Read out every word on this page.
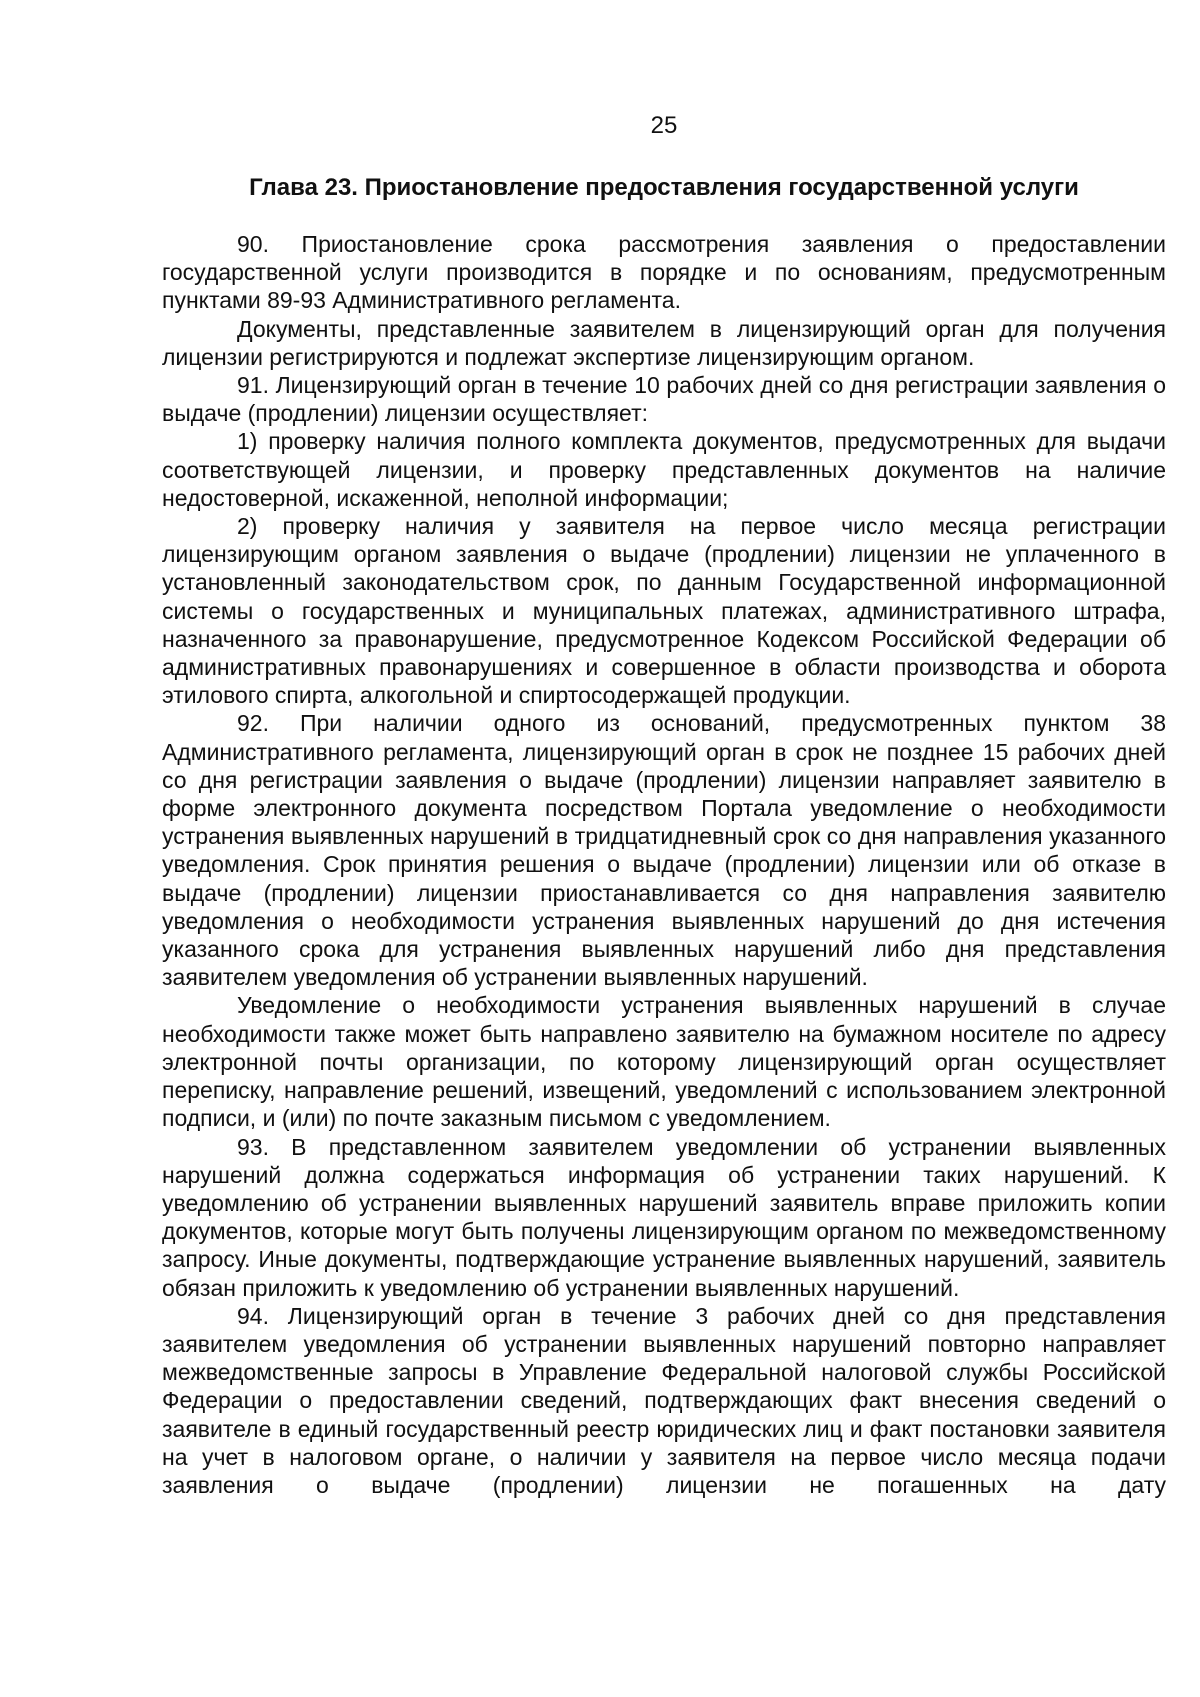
25
Глава 23. Приостановление предоставления государственной услуги

90. Приостановление срока рассмотрения заявления о предоставлении государственной услуги производится в порядке и по основаниям, предусмотренным пунктами 89-93 Административного регламента.

Документы, представленные заявителем в лицензирующий орган для получения лицензии регистрируются и подлежат экспертизе лицензирующим органом.

91. Лицензирующий орган в течение 10 рабочих дней со дня регистрации заявления о выдаче (продлении) лицензии осуществляет:

1) проверку наличия полного комплекта документов, предусмотренных для выдачи соответствующей лицензии, и проверку представленных документов на наличие недостоверной, искаженной, неполной информации;

2) проверку наличия у заявителя на первое число месяца регистрации лицензирующим органом заявления о выдаче (продлении) лицензии не уплаченного в установленный законодательством срок, по данным Государственной информационной системы о государственных и муниципальных платежах, административного штрафа, назначенного за правонарушение, предусмотренное Кодексом Российской Федерации об административных правонарушениях и совершенное в области производства и оборота этилового спирта, алкогольной и спиртосодержащей продукции.

92. При наличии одного из оснований, предусмотренных пунктом 38 Административного регламента, лицензирующий орган в срок не позднее 15 рабочих дней со дня регистрации заявления о выдаче (продлении) лицензии направляет заявителю в форме электронного документа посредством Портала уведомление о необходимости устранения выявленных нарушений в тридцатидневный срок со дня направления указанного уведомления. Срок принятия решения о выдаче (продлении) лицензии или об отказе в выдаче (продлении) лицензии приостанавливается со дня направления заявителю уведомления о необходимости устранения выявленных нарушений до дня истечения указанного срока для устранения выявленных нарушений либо дня представления заявителем уведомления об устранении выявленных нарушений.

Уведомление о необходимости устранения выявленных нарушений в случае необходимости также может быть направлено заявителю на бумажном носителе по адресу электронной почты организации, по которому лицензирующий орган осуществляет переписку, направление решений, извещений, уведомлений с использованием электронной подписи, и (или) по почте заказным письмом с уведомлением.

93. В представленном заявителем уведомлении об устранении выявленных нарушений должна содержаться информация об устранении таких нарушений. К уведомлению об устранении выявленных нарушений заявитель вправе приложить копии документов, которые могут быть получены лицензирующим органом по межведомственному запросу. Иные документы, подтверждающие устранение выявленных нарушений, заявитель обязан приложить к уведомлению об устранении выявленных нарушений.

94. Лицензирующий орган в течение 3 рабочих дней со дня представления заявителем уведомления об устранении выявленных нарушений повторно направляет межведомственные запросы в Управление Федеральной налоговой службы Российской Федерации о предоставлении сведений, подтверждающих факт внесения сведений о заявителе в единый государственный реестр юридических лиц и факт постановки заявителя на учет в налоговом органе, о наличии у заявителя на первое число месяца подачи заявления о выдаче (продлении) лицензии не погашенных на дату
